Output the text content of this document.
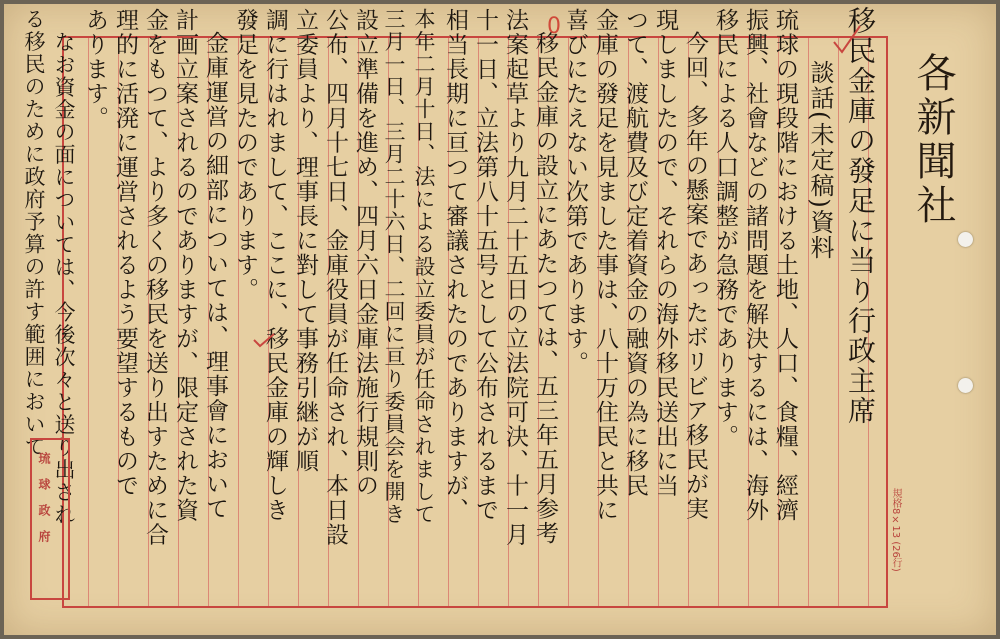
移民金庫の發足に当り行政主席
談話(未定稿)資料
琉球の現段階における土地、人口、食糧、經濟
振興、社會などの諸問題を解決するには、海外
移民による人口調整が急務であります。
今回、多年の懸案であったボリビア移民が実
現しましたので、それらの海外移民送出に当
つて、渡航費及び定着資金の融資の為に移民
金庫の發足を見ました事は、八十万住民と共に
喜びにたえない次第であります。
移民金庫の設立にあたつては、五三年五月参考
法案起草より九月二十五日の立法院可決、十一月
十一日、立法第八十五号として公布されるまで
相当長期に亘つて審議されたのでありますが、
本年二月十日、法による設立委員が任命されまして
三月一日、三月二十六日、二回に亘り委員会を開き
設立準備を進め、四月六日金庫法施行規則の
公布、四月十七日、金庫役員が任命され、本日設
立委員より、理事長に對して事務引継が順
調に行はれまして、ここに、移民金庫の輝しき
發足を見たのであります。
金庫運営の細部については、理事會において
計画立案されるのでありますが、限定された資
金をもつて、より多くの移民を送り出すために合
理的に活溌に運営されるよう要望するもので
あります。
なお資金の面については、今後次々と送り出され
る移民のために政府予算の許す範囲において
琉球政府	規格8×13 (26行)
各新聞社
0
